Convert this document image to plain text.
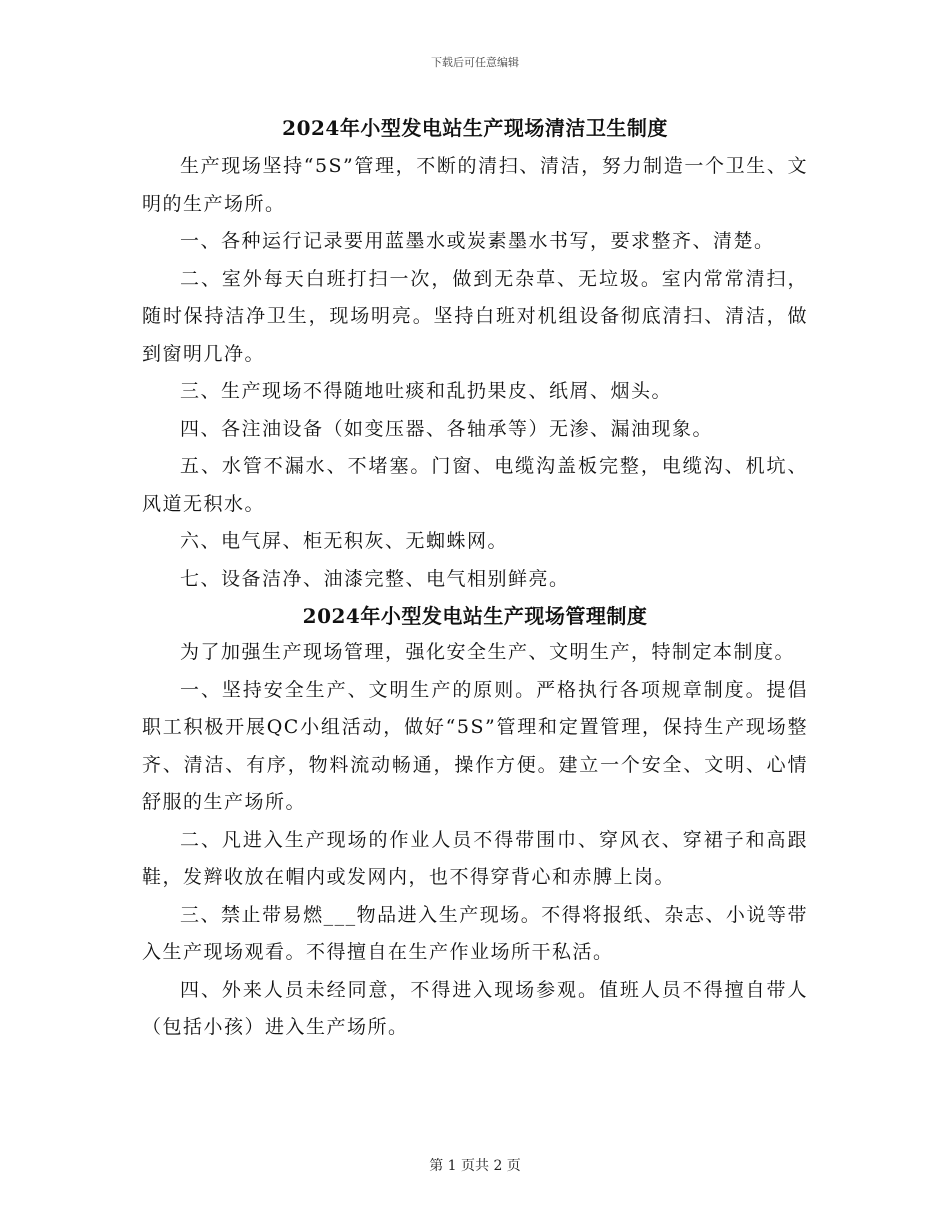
下载后可任意编辑
2024年小型发电站生产现场清洁卫生制度

生产现场坚持“5S”管理，不断的清扫、清洁，努力制造一个卫生、文明的生产场所。

一、各种运行记录要用蓝墨水或炭素墨水书写，要求整齐、清楚。

二、室外每天白班打扫一次，做到无杂草、无垃圾。室内常常清扫，随时保持洁净卫生，现场明亮。坚持白班对机组设备彻底清扫、清洁，做到窗明几净。

三、生产现场不得随地吐痰和乱扔果皮、纸屑、烟头。

四、各注油设备（如变压器、各轴承等）无渗、漏油现象。

五、水管不漏水、不堵塞。门窗、电缆沟盖板完整，电缆沟、机坑、风道无积水。

六、电气屏、柜无积灰、无蜘蛛网。

七、设备洁净、油漆完整、电气相别鲜亮。

2024年小型发电站生产现场管理制度

为了加强生产现场管理，强化安全生产、文明生产，特制定本制度。

一、坚持安全生产、文明生产的原则。严格执行各项规章制度。提倡职工积极开展QC小组活动，做好“5S”管理和定置管理，保持生产现场整齐、清洁、有序，物料流动畅通，操作方便。建立一个安全、文明、心情舒服的生产场所。

二、凡进入生产现场的作业人员不得带围巾、穿风衣、穿裙子和高跟鞋，发辫收放在帽内或发网内，也不得穿背心和赤膊上岗。

三、禁止带易燃___物品进入生产现场。不得将报纸、杂志、小说等带入生产现场观看。不得擅自在生产作业场所干私活。

四、外来人员未经同意，不得进入现场参观。值班人员不得擅自带人（包括小孩）进入生产场所。

第 1 页共 2 页
